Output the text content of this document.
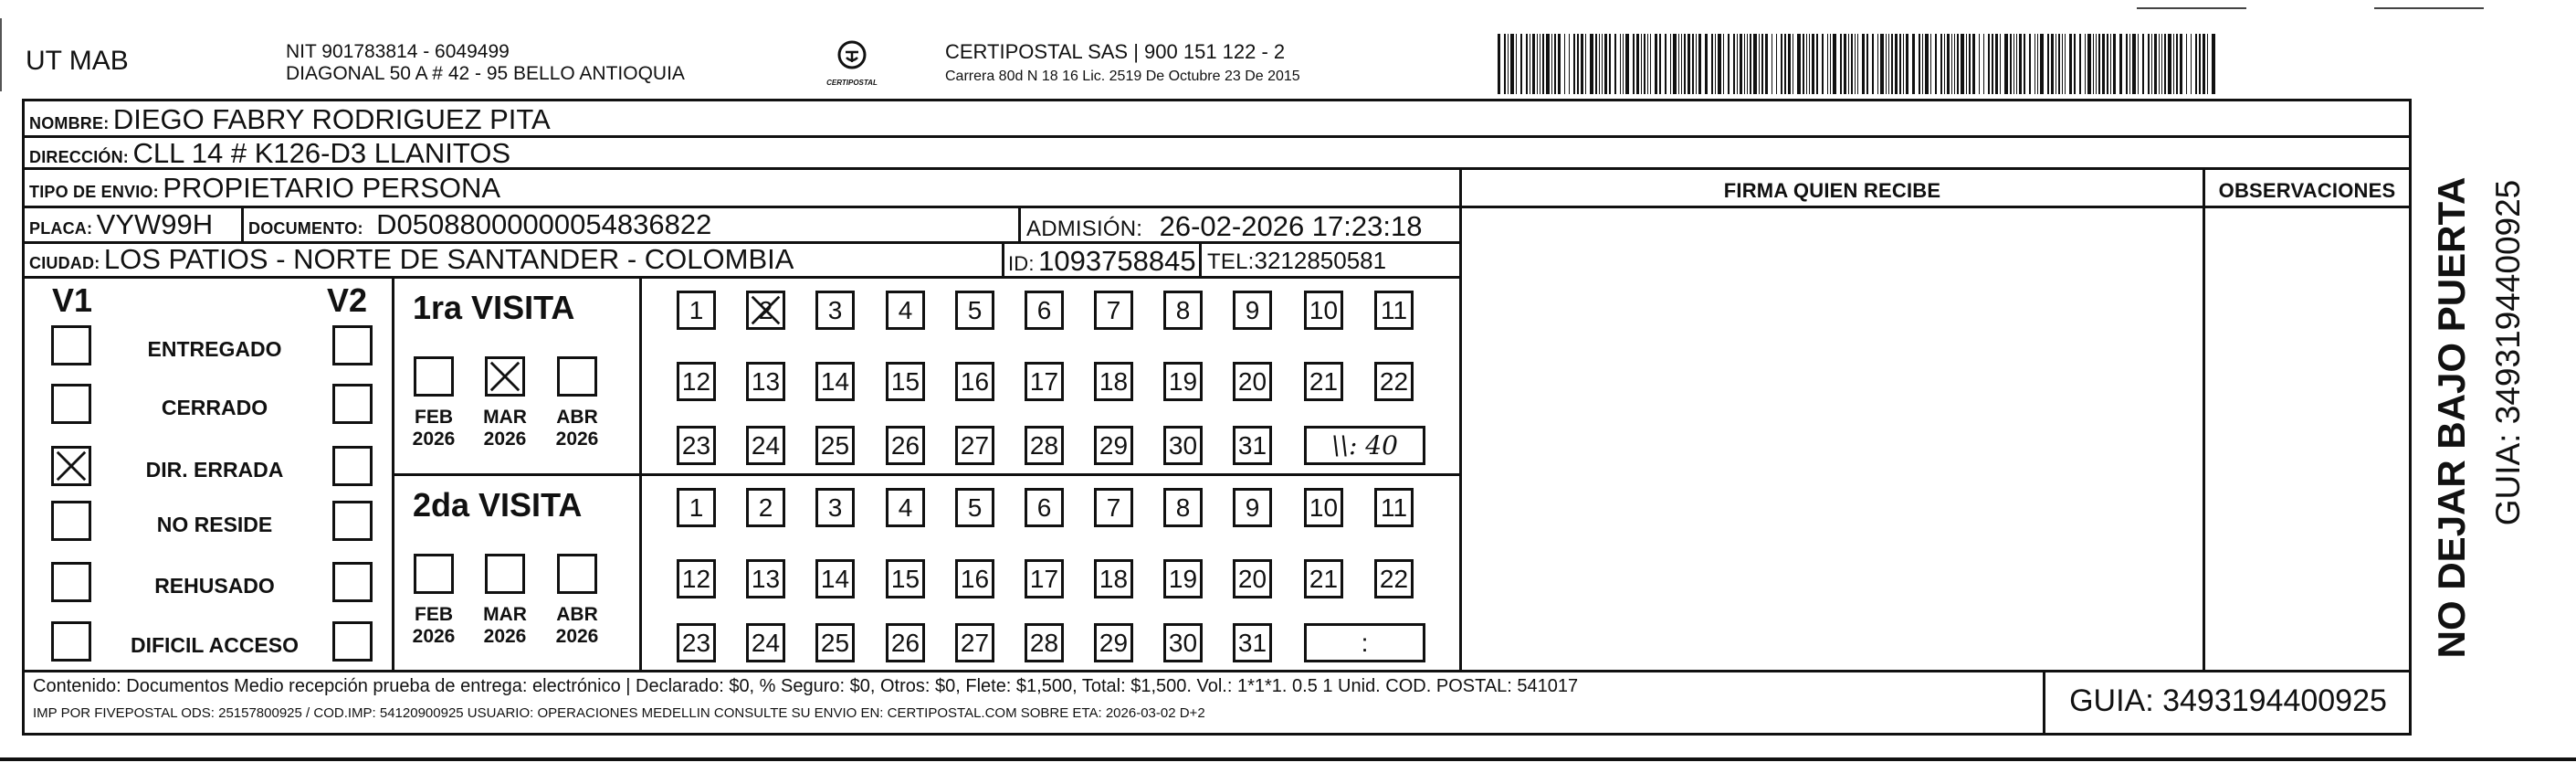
UT MAB	NIT 901783814 - 6049499
DIAGONAL 50 A # 42 - 95 BELLO ANTIOQUIA	CERTIPOSTAL
CERTIPOSTAL SAS | 900 151 122 - 2
Carrera 80d N 18 16 Lic. 2519 De Octubre 23 De 2015
NOMBRE: DIEGO FABRY RODRIGUEZ PITA
DIRECCIÓN: CLL 14 # K126-D3 LLANITOS
TIPO DE ENVIO: PROPIETARIO PERSONA	FIRMA QUIEN RECIBE	OBSERVACIONES
PLACA: VYW99H DOCUMENTO: D05088000000054836822	ADMISIÓN: 26-02-2026 17:23:18
CIUDAD: LOS PATIOS - NORTE DE SANTANDER - COLOMBIA	ID: 1093758845 TEL:3212850581
V1	V2
ENTREGADO
CERRADO
DIR. ERRADA
NO RESIDE
REHUSADO
DIFICIL ACCESO
1ra VISITA
FEB
2026
MAR
2026
ABR
2026
1	2	3	4	5	6	7	8	9	10 11
12 13 14 15 16 17 18 19 20 21 22
23 24 25 26 27 28 29 30 31	\\: 40
2da VISITA
FEB
2026
MAR
2026
ABR
2026
1	2	3	4	5	6	7	8	9	10 11
12 13 14 15 16 17 18 19 20 21 22
23 24 25 26 27 28 29 30 31	:
Contenido: Documentos Medio recepción prueba de entrega: electrónico | Declarado: $0, % Seguro: $0, Otros: $0, Flete: $1,500, Total: $1,500. Vol.: 1*1*1. 0.5 1 Unid. COD. POSTAL: 541017
IMP POR FIVEPOSTAL ODS: 25157800925 / COD.IMP: 54120900925 USUARIO: OPERACIONES MEDELLIN CONSULTE SU ENVIO EN: CERTIPOSTAL.COM SOBRE ETA: 2026-03-02 D+2	GUIA: 3493194400925
NO DEJAR BAJO PUERTA GUIA: 3493194400925
